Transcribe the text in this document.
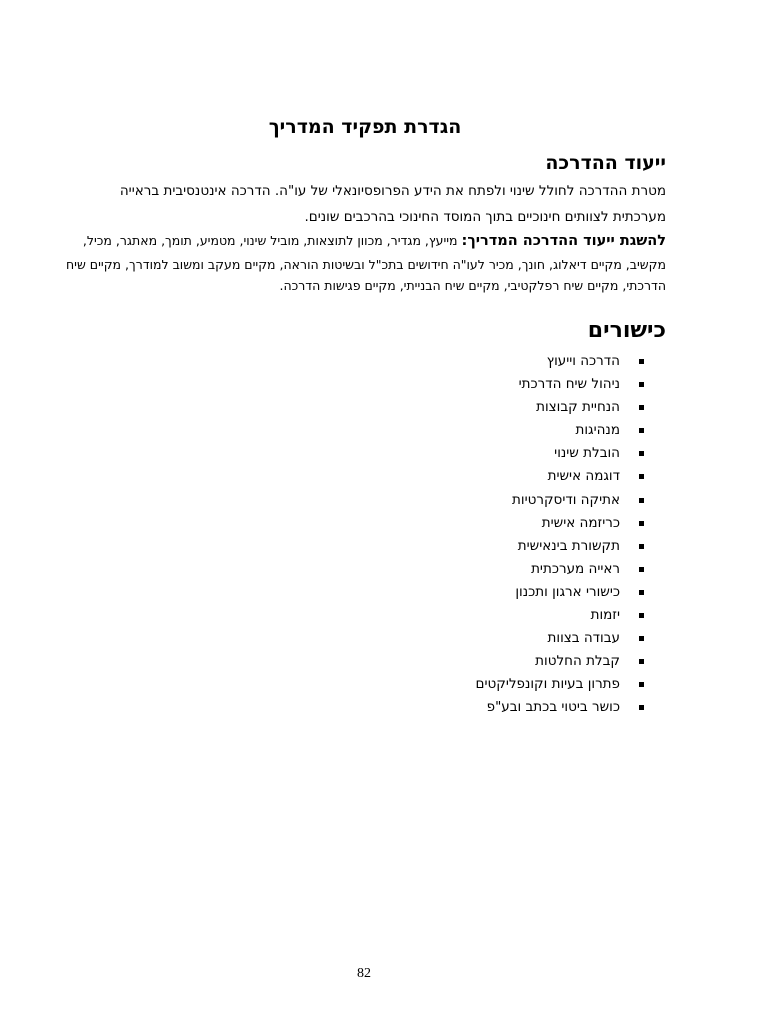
הגדרת תפקיד המדריך
ייעוד ההדרכה

מטרת ההדרכה לחולל שינוי ולפתח את הידע הפרופסיונאלי של עו"ה. הדרכה אינטנסיבית בראייה

מערכתית לצוותים חינוכיים בתוך המוסד החינוכי בהרכבים שונים.

להשגת ייעוד ההדרכה המדריך: מייעץ, מגדיר, מכוון לתוצאות, מוביל שינוי, מטמיע, תומך, מאתגר, מכיל,

מקשיב, מקיים דיאלוג, חונך, מכיר לעו"ה חידושים בתכ"ל ובשיטות הוראה, מקיים מעקב ומשוב למודרך, מקיים שיח

הדרכתי, מקיים שיח רפלקטיבי, מקיים שיח הבנייתי, מקיים פגישות הדרכה.

כישורים
הדרכה וייעוץ
ניהול שיח הדרכתי
הנחיית קבוצות
מנהיגות
הובלת שינוי
דוגמה אישית
אתיקה ודיסקרטיות
כריזמה אישית
תקשורת בינאישית
ראייה מערכתית
כישורי ארגון ותכנון
יזמות
עבודה בצוות
קבלת החלטות
פתרון בעיות וקונפליקטים
כושר ביטוי בכתב ובע"פ
82
